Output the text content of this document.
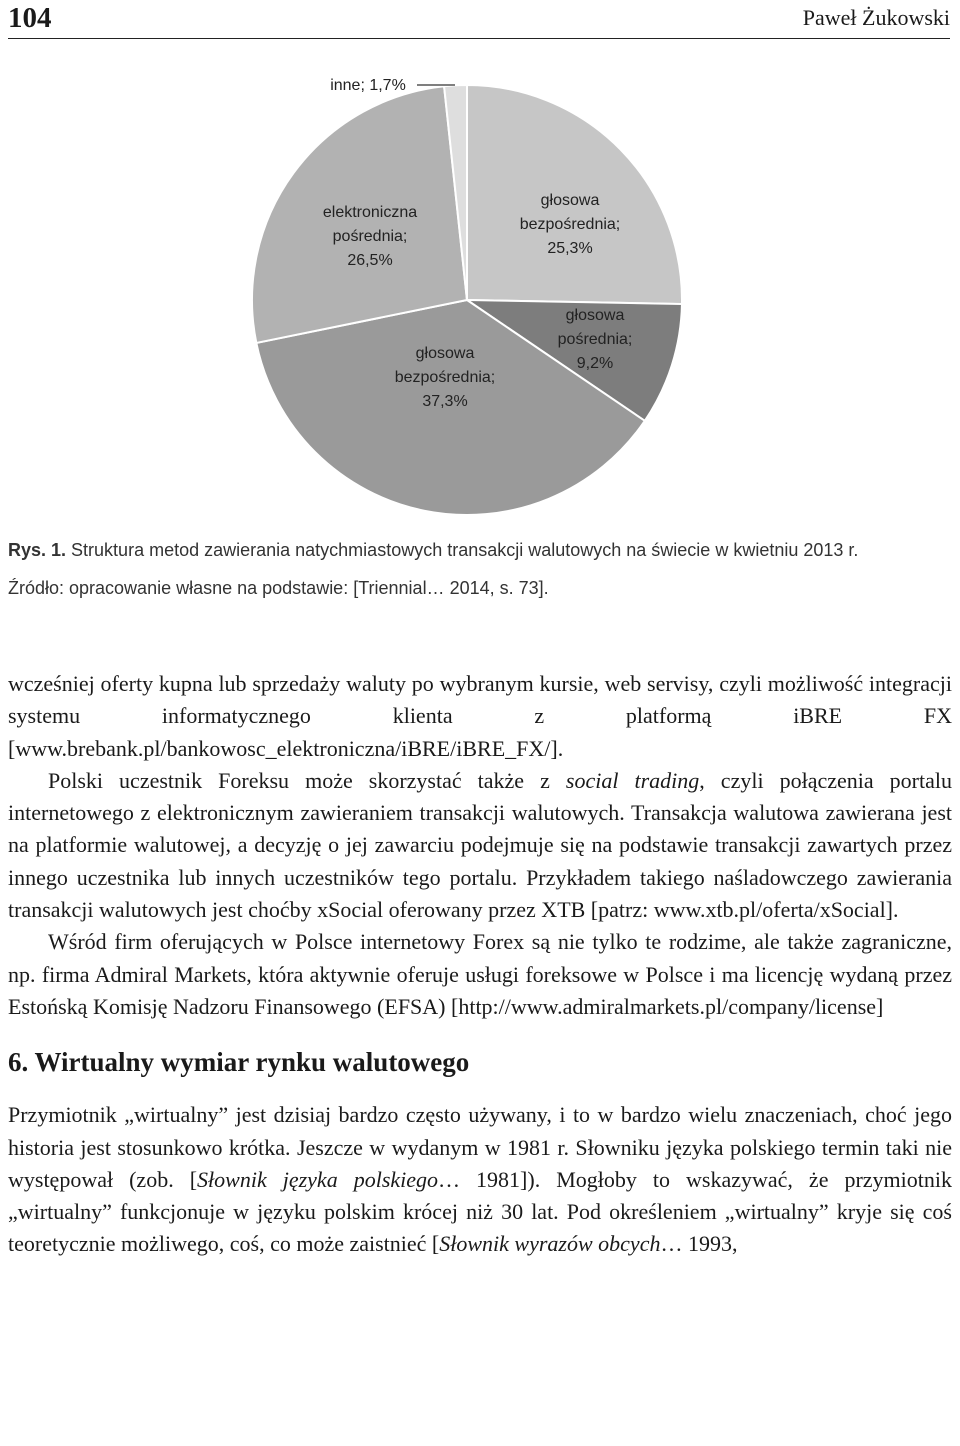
104	Paweł Żukowski
głosowa bezpośrednia; 25,3%
głosowa pośrednia; 9,2%
głosowa bezpośrednia; 37,3%
elektroniczna pośrednia; 26,5%
inne; 1,7%

Rys. 1. Struktura metod zawierania natychmiastowych transakcji walutowych na świecie w kwietniu 2013 r.

Źródło: opracowanie własne na podstawie: [Triennial… 2014, s. 73].

wcześniej oferty kupna lub sprzedaży waluty po wybranym kursie, web servisy, czyli możliwość integracji systemu informatycznego klienta z platformą iBRE FX [www.brebank.pl/bankowosc_elektroniczna/iBRE/iBRE_FX/].

Polski uczestnik Foreksu może skorzystać także z social trading, czyli połączenia portalu internetowego z elektronicznym zawieraniem transakcji walutowych. Transakcja walutowa zawierana jest na platformie walutowej, a decyzję o jej zawarciu podejmuje się na podstawie transakcji zawartych przez innego uczestnika lub innych uczestników tego portalu. Przykładem takiego naśladowczego zawierania transakcji walutowych jest choćby xSocial oferowany przez XTB [patrz: www.xtb.pl/oferta/xSocial].

Wśród firm oferujących w Polsce internetowy Forex są nie tylko te rodzime, ale także zagraniczne, np. firma Admiral Markets, która aktywnie oferuje usługi foreksowe w Polsce i ma licencję wydaną przez Estońską Komisję Nadzoru Finansowego (EFSA) [http://www.admiralmarkets.pl/company/license]

6. Wirtualny wymiar rynku walutowego

Przymiotnik „wirtualny” jest dzisiaj bardzo często używany, i to w bardzo wielu znaczeniach, choć jego historia jest stosunkowo krótka. Jeszcze w wydanym w 1981 r. Słowniku języka polskiego termin taki nie występował (zob. [Słownik języka polskiego… 1981]). Mogłoby to wskazywać, że przymiotnik „wirtualny” funkcjonuje w języku polskim krócej niż 30 lat. Pod określeniem „wirtualny” kryje się coś teoretycznie możliwego, coś, co może zaistnieć [Słownik wyrazów obcych… 1993,
